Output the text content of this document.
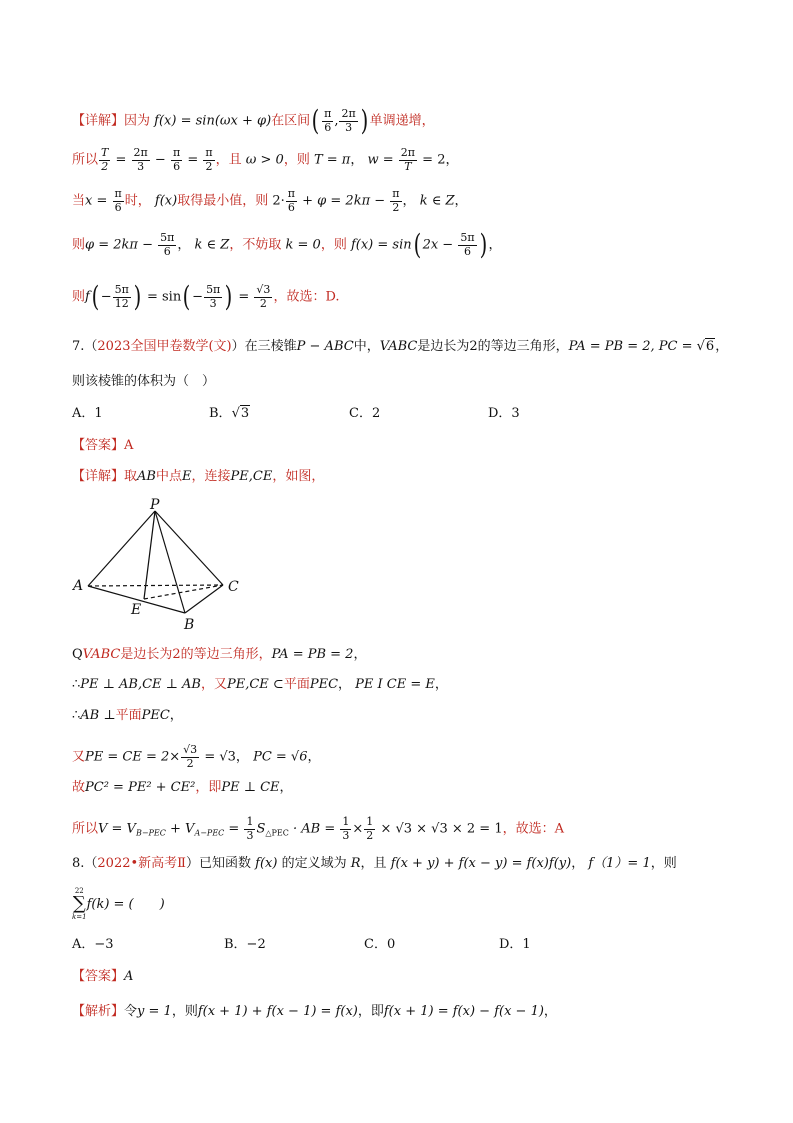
【详解】因为 f(x) = sin(ωx + φ)在区间( $\frac{\pi}{6}$ , $\frac{2\pi}{3}$ ) 单调递增，
所以 $\frac{T}{2} = \frac{2\pi}{3} - \frac{\pi}{6} = \frac{\pi}{2}$ ，且 ω > 0，则 T = π， $w = \frac{2\pi}{T} = 2$，
当$x = \frac{\pi}{6}$ 时， f(x)取得最小值，则 $2\cdot \frac{\pi}{6} + \varphi = 2k\pi - \frac{\pi}{2}$ ， k ∈ Z，
则$\varphi = 2k\pi - \frac{5\pi}{6}$ ， k ∈ Z，不妨取 k = 0，则 f(x) = sin( $2x - \frac{5\pi}{6}$ ) ，
则$f( - \frac{5\pi}{12}$ ) = $\sin( - \frac{5\pi}{3}$ ) = $\frac{√3}{2}$ ，故选：D.
7.（2023全国甲卷数学(文)）在三棱锥P − ABC中，VABC是边长为2的等边三角形，PA = PB = 2, PC = √6，
则该棱锥的体积为（　）
A．1	B．√3	C．2	D．3
【答案】A
【详解】取AB中点E，连接PE,CE，如图，
P
A	C
E
B
QVABC是边长为2的等边三角形，PA = PB = 2，
∴PE ⊥ AB,CE ⊥ AB，又PE,CE ⊂平面PEC， PE I CE = E，
∴AB ⊥平面PEC，
又PE = CE = $2\times \frac{√3}{2} = √3$， PC = √6，
故PC² = PE² + CE²，即PE ⊥ CE，
所以$V = V_{B-PEC} + V_{A-PEC} = \frac{1}{3} S_{\triangle PEC}$ · AB = $\frac{1}{3} \times \frac{1}{2} \times √3 \times √3 \times 2 = 1$，故选：A
8.（2022•新高考Ⅱ）已知函数 f(x) 的定义域为 R，且 f(x + y) + f(x − y) = f(x)f(y)， f（1）= 1，则
22
∑
k=1f(k) = (　　)
A．−3	B．−2	C．0	D．1
【答案】A
【解析】令y = 1，则f(x + 1) + f(x − 1) = f(x)，即f(x + 1) = f(x) − f(x − 1)，
